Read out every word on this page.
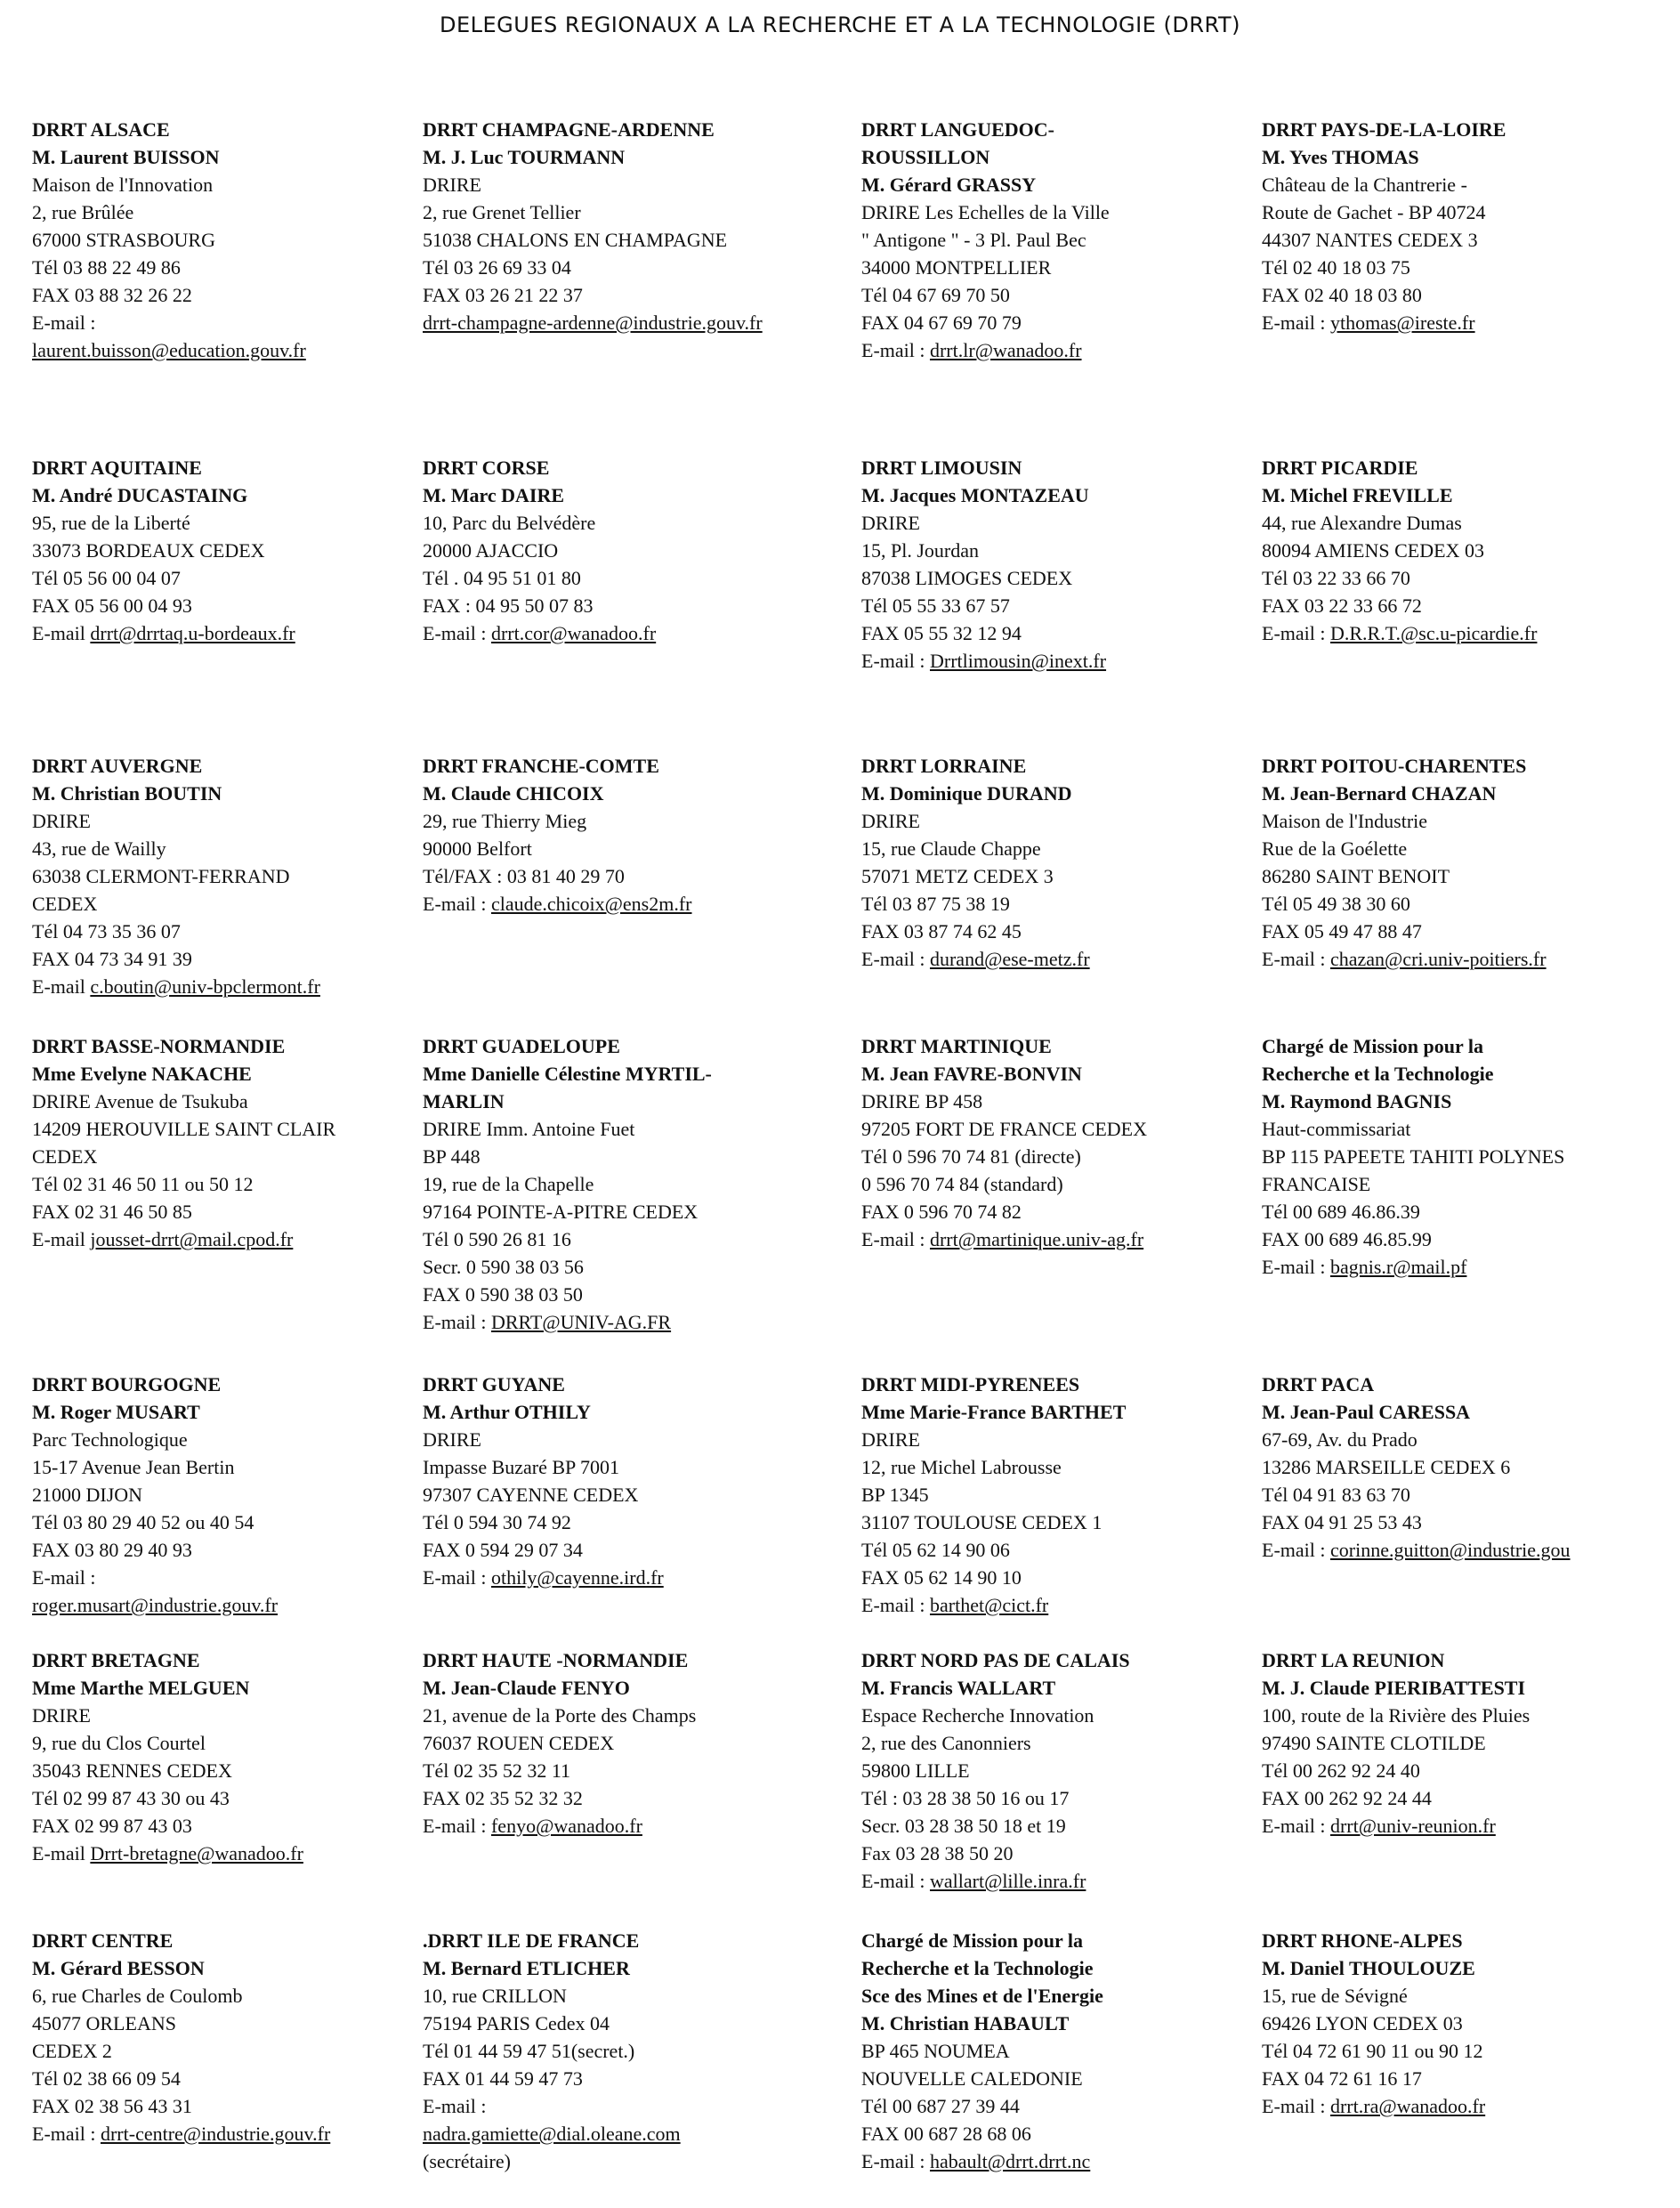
DELEGUES REGIONAUX A LA RECHERCHE ET A LA TECHNOLOGIE (DRRT)
DRRT ALSACE
M. Laurent BUISSON
Maison de l'Innovation
2, rue Brûlée
67000 STRASBOURG
Tél 03 88 22 49 86
FAX 03 88 32 26 22
E-mail :
laurent.buisson@education.gouv.fr
DRRT CHAMPAGNE-ARDENNE
M. J. Luc TOURMANN
DRIRE
2, rue Grenet Tellier
51038 CHALONS EN CHAMPAGNE
Tél 03 26 69 33 04
FAX 03 26 21 22 37
drrt-champagne-ardenne@industrie.gouv.fr
DRRT LANGUEDOC-
ROUSSILLON
M. Gérard GRASSY
DRIRE Les Echelles de la Ville
" Antigone " - 3 Pl. Paul Bec
34000 MONTPELLIER
Tél 04 67 69 70 50
FAX 04 67 69 70 79
E-mail : drrt.lr@wanadoo.fr
DRRT PAYS-DE-LA-LOIRE
M. Yves THOMAS
Château de la Chantrerie -
Route de Gachet - BP 40724
44307 NANTES CEDEX 3
Tél 02 40 18 03 75
FAX 02 40 18 03 80
E-mail : ythomas@ireste.fr
DRRT AQUITAINE
M. André DUCASTAING
95, rue de la Liberté
33073 BORDEAUX CEDEX
Tél 05 56 00 04 07
FAX 05 56 00 04 93
E-mail drrt@drrtaq.u-bordeaux.fr
DRRT CORSE
M. Marc DAIRE
10, Parc du Belvédère
20000 AJACCIO
Tél . 04 95 51 01 80
FAX : 04 95 50 07 83
E-mail : drrt.cor@wanadoo.fr
DRRT LIMOUSIN
M. Jacques MONTAZEAU
DRIRE
15, Pl. Jourdan
87038 LIMOGES CEDEX
Tél 05 55 33 67 57
FAX 05 55 32 12 94
E-mail : Drrtlimousin@inext.fr
DRRT PICARDIE
M. Michel FREVILLE
44, rue Alexandre Dumas
80094 AMIENS CEDEX 03
Tél 03 22 33 66 70
FAX 03 22 33 66 72
E-mail : D.R.R.T.@sc.u-picardie.fr
DRRT AUVERGNE
M. Christian BOUTIN
DRIRE
43, rue de Wailly
63038 CLERMONT-FERRAND
CEDEX
Tél 04 73 35 36 07
FAX 04 73 34 91 39
E-mail c.boutin@univ-bpclermont.fr
DRRT FRANCHE-COMTE
M. Claude CHICOIX
29, rue Thierry Mieg
90000 Belfort
Tél/FAX : 03 81 40 29 70
E-mail : claude.chicoix@ens2m.fr
DRRT LORRAINE
M. Dominique DURAND
DRIRE
15, rue Claude Chappe
57071 METZ CEDEX 3
Tél 03 87 75 38 19
FAX 03 87 74 62 45
E-mail : durand@ese-metz.fr
DRRT POITOU-CHARENTES
M. Jean-Bernard CHAZAN
Maison de l'Industrie
Rue de la Goélette
86280 SAINT BENOIT
Tél 05 49 38 30 60
FAX 05 49 47 88 47
E-mail : chazan@cri.univ-poitiers.fr
DRRT BASSE-NORMANDIE
Mme Evelyne NAKACHE
DRIRE Avenue de Tsukuba
14209 HEROUVILLE SAINT CLAIR
CEDEX
Tél 02 31 46 50 11 ou 50 12
FAX 02 31 46 50 85
E-mail jousset-drrt@mail.cpod.fr
DRRT GUADELOUPE
Mme Danielle Célestine MYRTIL-
MARLIN
DRIRE Imm. Antoine Fuet
BP 448
19, rue de la Chapelle
97164 POINTE-A-PITRE CEDEX
Tél 0 590 26 81 16
Secr. 0 590 38 03 56
FAX 0 590 38 03 50
E-mail : DRRT@UNIV-AG.FR
DRRT MARTINIQUE
M. Jean FAVRE-BONVIN
DRIRE BP 458
97205 FORT DE FRANCE CEDEX
Tél 0 596 70 74 81 (directe)
0 596 70 74 84 (standard)
FAX 0 596 70 74 82
E-mail : drrt@martinique.univ-ag.fr
Chargé de Mission pour la
Recherche et la Technologie
M. Raymond BAGNIS
Haut-commissariat
BP 115 PAPEETE TAHITI POLYNES
FRANCAISE
Tél 00 689 46.86.39
FAX 00 689 46.85.99
E-mail : bagnis.r@mail.pf
DRRT BOURGOGNE
M. Roger MUSART
Parc Technologique
15-17 Avenue Jean Bertin
21000 DIJON
Tél 03 80 29 40 52 ou 40 54
FAX 03 80 29 40 93
E-mail :
roger.musart@industrie.gouv.fr
DRRT GUYANE
M. Arthur OTHILY
DRIRE
Impasse Buzaré BP 7001
97307 CAYENNE CEDEX
Tél 0 594 30 74 92
FAX 0 594 29 07 34
E-mail : othily@cayenne.ird.fr
DRRT MIDI-PYRENEES
Mme Marie-France BARTHET
DRIRE
12, rue Michel Labrousse
BP 1345
31107 TOULOUSE CEDEX 1
Tél 05 62 14 90 06
FAX 05 62 14 90 10
E-mail : barthet@cict.fr
DRRT PACA
M. Jean-Paul CARESSA
67-69, Av. du Prado
13286 MARSEILLE CEDEX 6
Tél 04 91 83 63 70
FAX 04 91 25 53 43
E-mail : corinne.guitton@industrie.gou
DRRT BRETAGNE
Mme Marthe MELGUEN
DRIRE
9, rue du Clos Courtel
35043 RENNES CEDEX
Tél 02 99 87 43 30 ou 43
FAX 02 99 87 43 03
E-mail Drrt-bretagne@wanadoo.fr
DRRT HAUTE -NORMANDIE
M. Jean-Claude FENYO
21, avenue de la Porte des Champs
76037 ROUEN CEDEX
Tél 02 35 52 32 11
FAX 02 35 52 32 32
E-mail : fenyo@wanadoo.fr
DRRT NORD PAS DE CALAIS
M. Francis WALLART
Espace Recherche Innovation
2, rue des Canonniers
59800 LILLE
Tél : 03 28 38 50 16 ou 17
Secr. 03 28 38 50 18 et 19
Fax 03 28 38 50 20
E-mail : wallart@lille.inra.fr
DRRT LA REUNION
M. J. Claude PIERIBATTESTI
100, route de la Rivière des Pluies
97490 SAINTE CLOTILDE
Tél 00 262 92 24 40
FAX 00 262 92 24 44
E-mail : drrt@univ-reunion.fr
DRRT CENTRE
M. Gérard BESSON
6, rue Charles de Coulomb
45077 ORLEANS
CEDEX 2
Tél 02 38 66 09 54
FAX 02 38 56 43 31
E-mail : drrt-centre@industrie.gouv.fr
.DRRT ILE DE FRANCE
M. Bernard ETLICHER
10, rue CRILLON
75194 PARIS Cedex 04
Tél 01 44 59 47 51(secret.)
FAX 01 44 59 47 73
E-mail :
nadra.gamiette@dial.oleane.com
(secrétaire)
Chargé de Mission pour la
Recherche et la Technologie
Sce des Mines et de l'Energie
M. Christian HABAULT
BP 465 NOUMEA
NOUVELLE CALEDONIE
Tél 00 687 27 39 44
FAX 00 687 28 68 06
E-mail : habault@drrt.drrt.nc
DRRT RHONE-ALPES
M. Daniel THOULOUZE
15, rue de Sévigné
69426 LYON CEDEX 03
Tél 04 72 61 90 11 ou 90 12
FAX 04 72 61 16 17
E-mail : drrt.ra@wanadoo.fr
